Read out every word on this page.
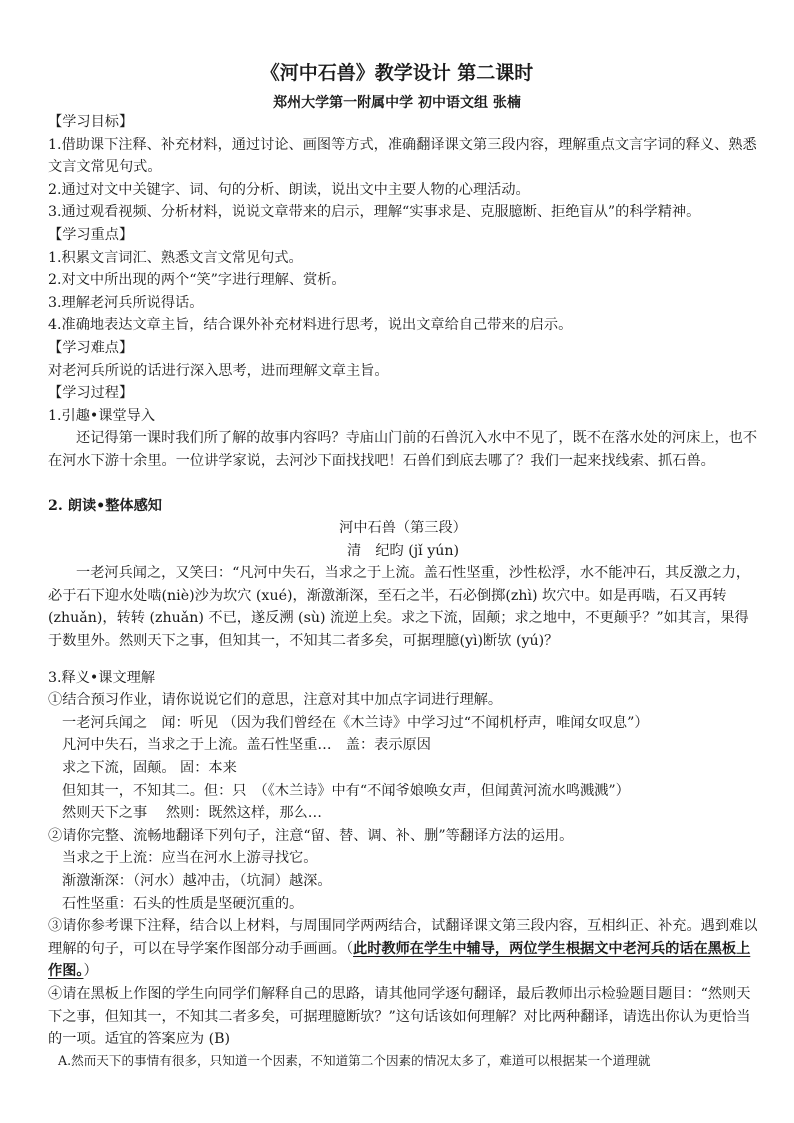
《河中石兽》教学设计 第二课时
郑州大学第一附属中学 初中语文组 张楠

【学习目标】

1.借助课下注释、补充材料，通过讨论、画图等方式，准确翻译课文第三段内容，理解重点文言字词的释义、熟悉文言文常见句式。

2.通过对文中关键字、词、句的分析、朗读，说出文中主要人物的心理活动。

3.通过观看视频、分析材料，说说文章带来的启示，理解“实事求是、克服臆断、拒绝盲从”的科学精神。

【学习重点】

1.积累文言词汇、熟悉文言文常见句式。

2.对文中所出现的两个“笑”字进行理解、赏析。

3.理解老河兵所说得话。

4.准确地表达文章主旨，结合课外补充材料进行思考，说出文章给自己带来的启示。

【学习难点】

对老河兵所说的话进行深入思考，进而理解文章主旨。

【学习过程】

1.引趣•课堂导入

还记得第一课时我们所了解的故事内容吗？寺庙山门前的石兽沉入水中不见了，既不在落水处的河床上，也不在河水下游十余里。一位讲学家说，去河沙下面找找吧！石兽们到底去哪了？我们一起来找线索、抓石兽。

2. 朗读•整体感知

河中石兽（第三段）

清　纪昀 (jǐ yún)

一老河兵闻之，又笑曰：“凡河中失石，当求之于上流。盖石性坚重，沙性松浮，水不能冲石，其反激之力，必于石下迎水处啮(niè)沙为坎穴 (xué)，渐激渐深，至石之半，石必倒掷(zhì) 坎穴中。如是再啮，石又再转(zhuǎn)，转转 (zhuǎn) 不已，遂反溯 (sù) 流逆上矣。求之下流，固颠；求之地中，不更颠乎？”如其言，果得于数里外。然则天下之事，但知其一，不知其二者多矣，可据理臆(yì)断欤 (yú)？

3.释义•课文理解

①结合预习作业，请你说说它们的意思，注意对其中加点字词进行理解。

一老河兵闻之　闻：听见 （因为我们曾经在《木兰诗》中学习过“不闻机杼声，唯闻女叹息”）

凡河中失石，当求之于上流。盖石性坚重…　盖：表示原因

求之下流，固颠。 固：本来

但知其一，不知其二。但：只　（《木兰诗》中有“不闻爷娘唤女声，但闻黄河流水鸣溅溅”）

然则天下之事　 然则：既然这样，那么…

②请你完整、流畅地翻译下列句子，注意“留、替、调、补、删”等翻译方法的运用。

当求之于上流：应当在河水上游寻找它。

渐激渐深：（河水）越冲击，（坑洞）越深。

石性坚重：石头的性质是坚硬沉重的。

③请你参考课下注释，结合以上材料，与周围同学两两结合，试翻译课文第三段内容，互相纠正、补充。遇到难以理解的句子，可以在导学案作图部分动手画画。（此时教师在学生中辅导，两位学生根据文中老河兵的话在黑板上作图。）

④请在黑板上作图的学生向同学们解释自己的思路，请其他同学逐句翻译，最后教师出示检验题目题目：“然则天下之事，但知其一，不知其二者多矣，可据理臆断欤？”这句话该如何理解？对比两种翻译，请选出你认为更恰当的一项。适宜的答案应为 (B)

A.然而天下的事情有很多，只知道一个因素，不知道第二个因素的情况太多了，难道可以根据某一个道理就
